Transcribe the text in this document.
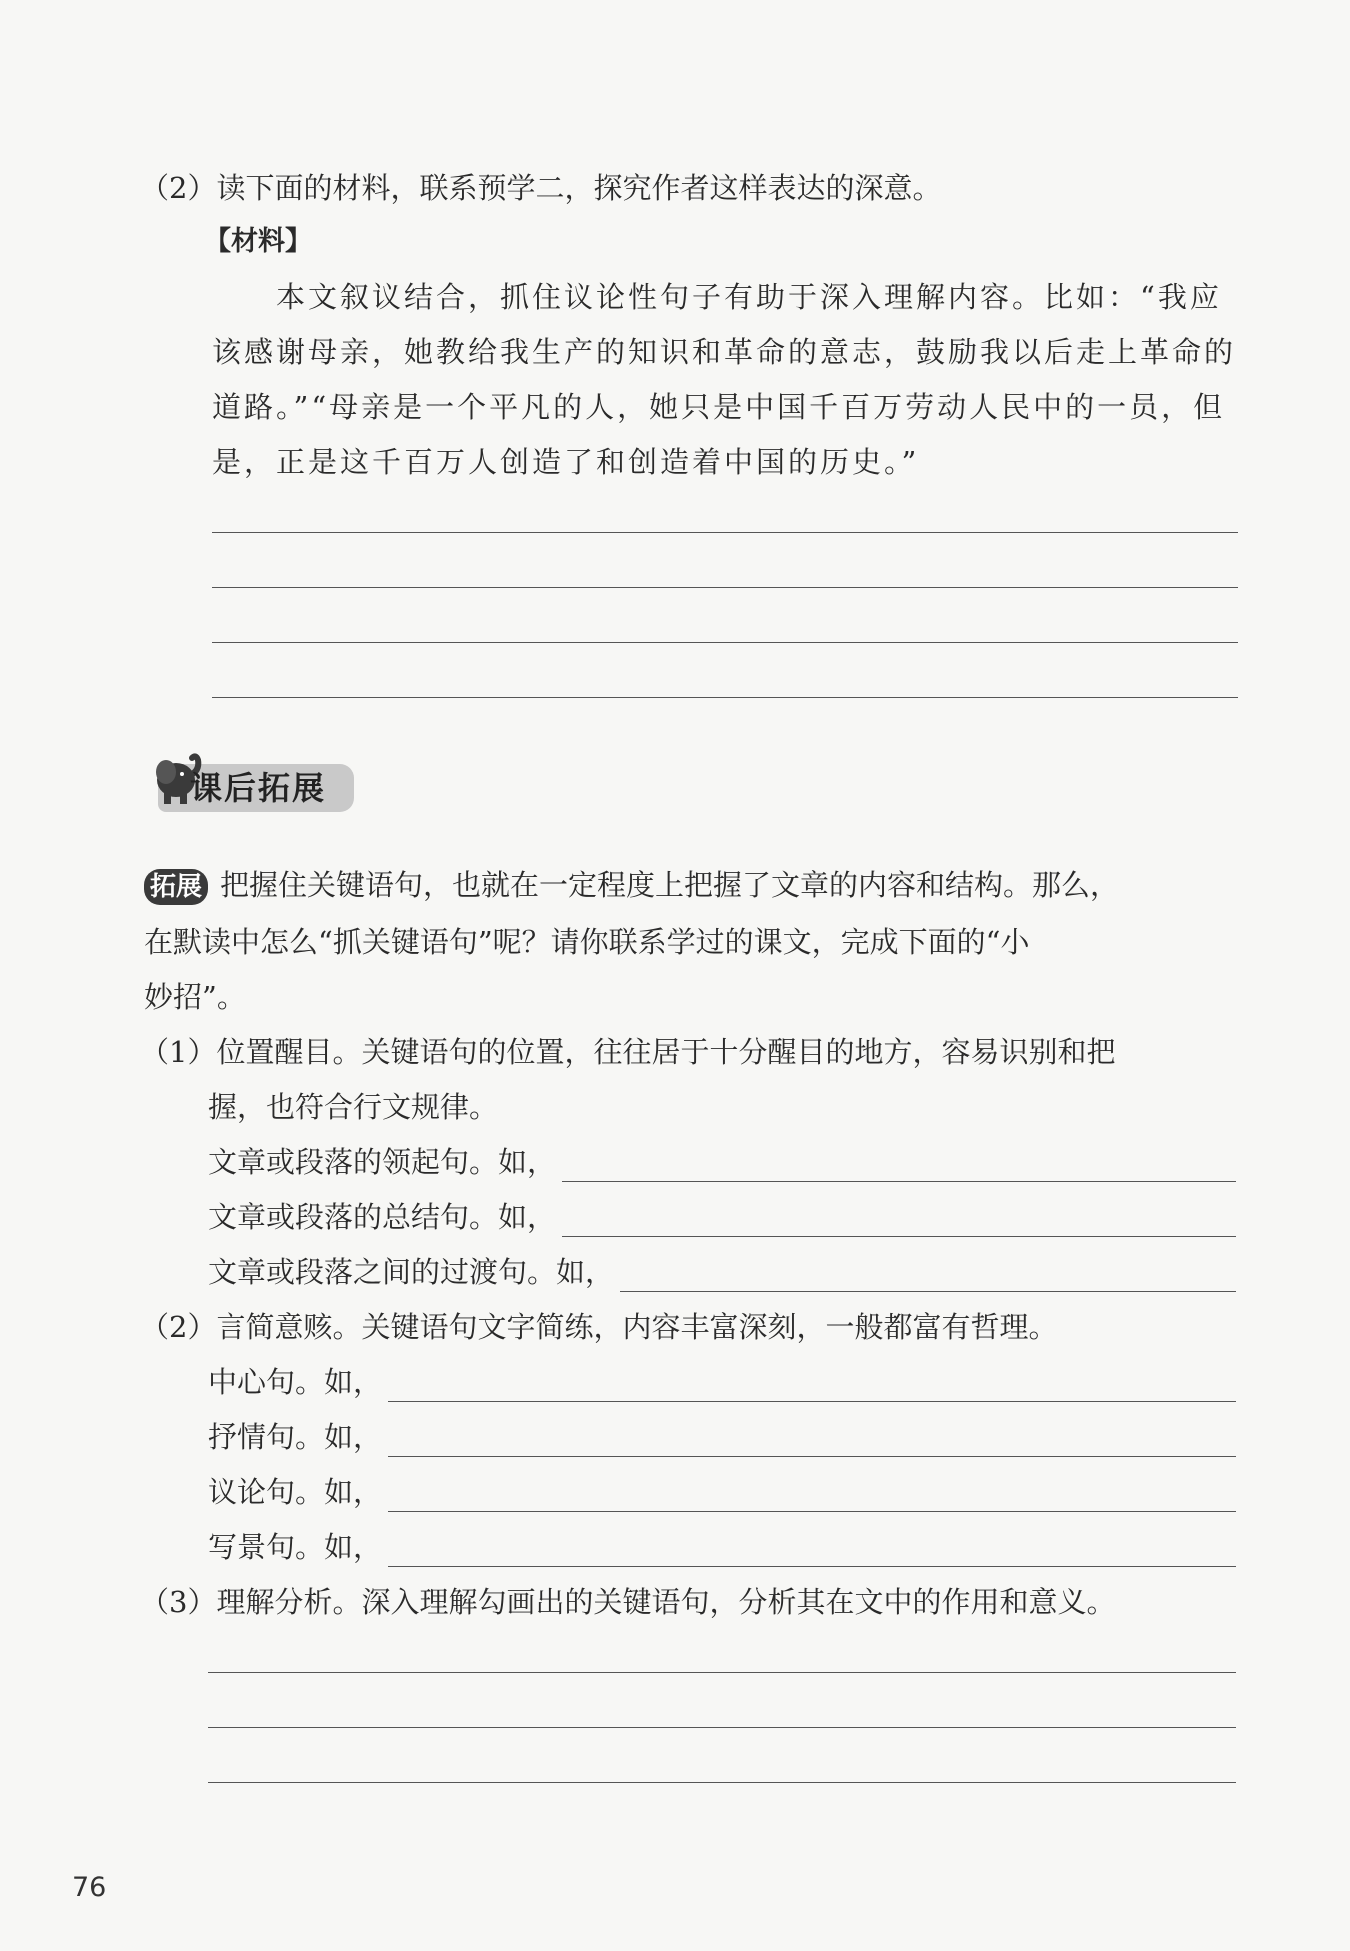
（2）读下面的材料，联系预学二，探究作者这样表达的深意。
【材料】
本文叙议结合，抓住议论性句子有助于深入理解内容。比如：“我应
该感谢母亲，她教给我生产的知识和革命的意志，鼓励我以后走上革命的
道路。”“母亲是一个平凡的人，她只是中国千百万劳动人民中的一员，但
是，正是这千百万人创造了和创造着中国的历史。”
课后拓展
拓展 把握住关键语句，也就在一定程度上把握了文章的内容和结构。那么，
在默读中怎么“抓关键语句”呢？请你联系学过的课文，完成下面的“小
妙招”。
（1）位置醒目。关键语句的位置，往往居于十分醒目的地方，容易识别和把
握，也符合行文规律。
文章或段落的领起句。如，
文章或段落的总结句。如，
文章或段落之间的过渡句。如，
（2）言简意赅。关键语句文字简练，内容丰富深刻，一般都富有哲理。
中心句。如，
抒情句。如，
议论句。如，
写景句。如，
（3）理解分析。深入理解勾画出的关键语句，分析其在文中的作用和意义。
76
